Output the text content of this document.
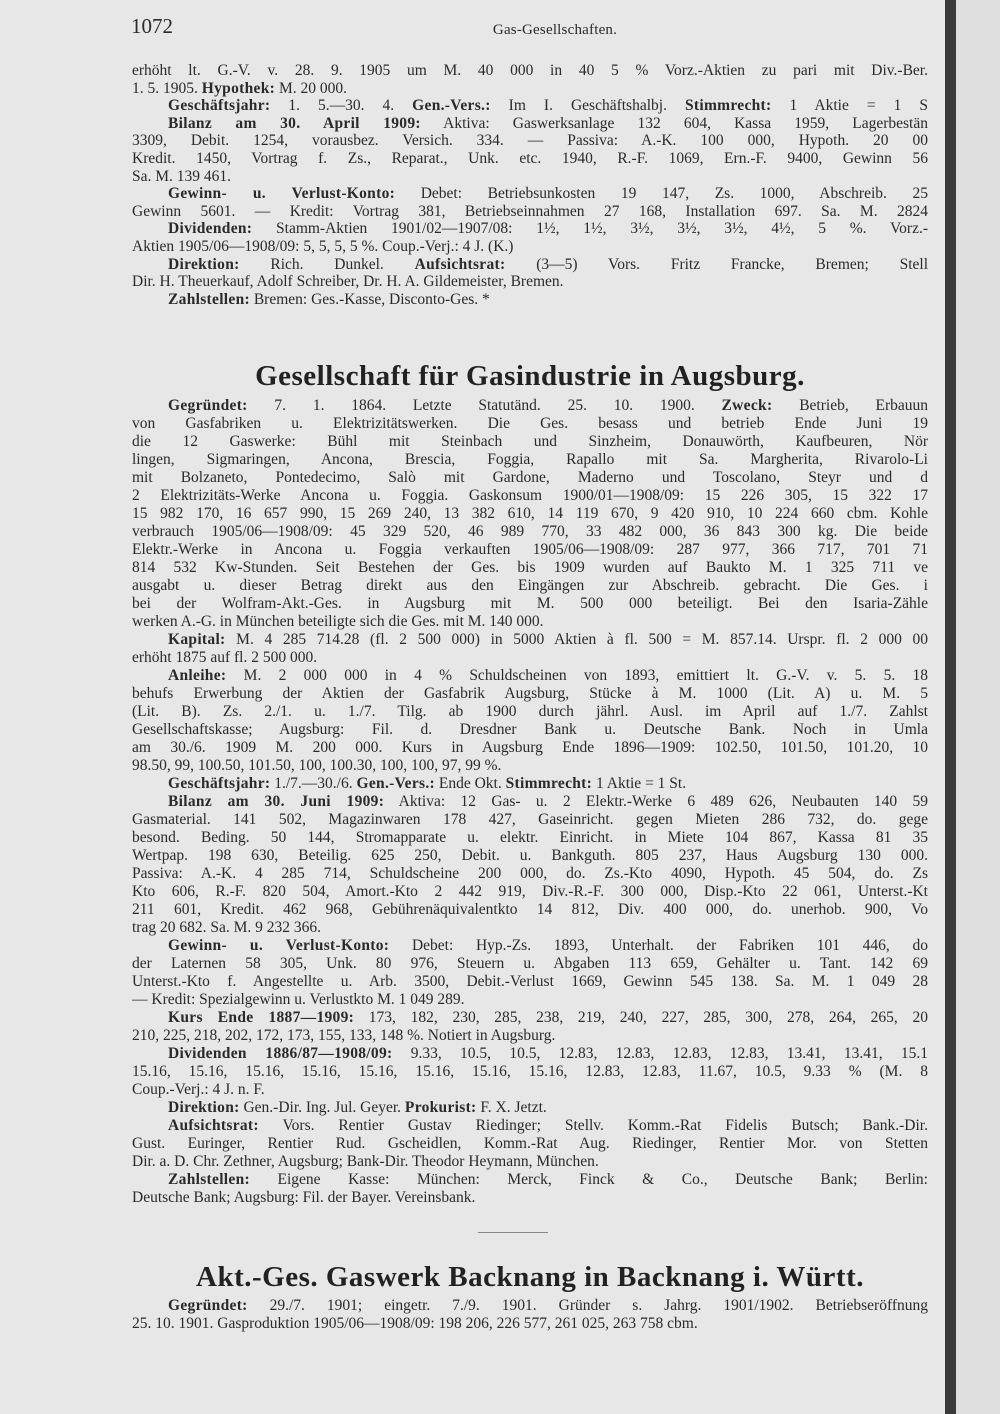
1072	Gas-Gesellschaften.
erhöht lt. G.-V. v. 28. 9. 1905 um M. 40 000 in 40 5 % Vorz.-Aktien zu pari mit Div.-Ber.
1. 5. 1905. Hypothek: M. 20 000.
Geschäftsjahr: 1. 5.—30. 4. Gen.-Vers.: Im I. Geschäftshalbj. Stimmrecht: 1 Aktie = 1 S
Bilanz am 30. April 1909: Aktiva: Gaswerksanlage 132 604, Kassa 1959, Lagerbestän
3309, Debit. 1254, vorausbez. Versich. 334. — Passiva: A.-K. 100 000, Hypoth. 20 00
Kredit. 1450, Vortrag f. Zs., Reparat., Unk. etc. 1940, R.-F. 1069, Ern.-F. 9400, Gewinn 56
Sa. M. 139 461.
Gewinn- u. Verlust-Konto: Debet: Betriebsunkosten 19 147, Zs. 1000, Abschreib. 25
Gewinn 5601. — Kredit: Vortrag 381, Betriebseinnahmen 27 168, Installation 697. Sa. M. 2824
Dividenden: Stamm-Aktien 1901/02—1907/08: 1½, 1½, 3½, 3½, 3½, 4½, 5 %. Vorz.-
Aktien 1905/06—1908/09: 5, 5, 5, 5 %. Coup.-Verj.: 4 J. (K.)
Direktion: Rich. Dunkel. Aufsichtsrat: (3—5) Vors. Fritz Francke, Bremen; Stell
Dir. H. Theuerkauf, Adolf Schreiber, Dr. H. A. Gildemeister, Bremen.
Zahlstellen: Bremen: Ges.-Kasse, Disconto-Ges. *
Gesellschaft für Gasindustrie in Augsburg.
Gegründet: 7. 1. 1864. Letzte Statutänd. 25. 10. 1900. Zweck: Betrieb, Erbauun
von Gasfabriken u. Elektrizitätswerken. Die Ges. besass und betrieb Ende Juni 19
die 12 Gaswerke: Bühl mit Steinbach und Sinzheim, Donauwörth, Kaufbeuren, Nör
lingen, Sigmaringen, Ancona, Brescia, Foggia, Rapallo mit Sa. Margherita, Rivarolo-Li
mit Bolzaneto, Pontedecimo, Salò mit Gardone, Maderno und Toscolano, Steyr und d
2 Elektrizitäts-Werke Ancona u. Foggia. Gaskonsum 1900/01—1908/09: 15 226 305, 15 322 17
15 982 170, 16 657 990, 15 269 240, 13 382 610, 14 119 670, 9 420 910, 10 224 660 cbm. Kohle
verbrauch 1905/06—1908/09: 45 329 520, 46 989 770, 33 482 000, 36 843 300 kg. Die beide
Elektr.-Werke in Ancona u. Foggia verkauften 1905/06—1908/09: 287 977, 366 717, 701 71
814 532 Kw-Stunden. Seit Bestehen der Ges. bis 1909 wurden auf Baukto M. 1 325 711 ve
ausgabt u. dieser Betrag direkt aus den Eingängen zur Abschreib. gebracht. Die Ges. i
bei der Wolfram-Akt.-Ges. in Augsburg mit M. 500 000 beteiligt. Bei den Isaria-Zähle
werken A.-G. in München beteiligte sich die Ges. mit M. 140 000.
Kapital: M. 4 285 714.28 (fl. 2 500 000) in 5000 Aktien à fl. 500 = M. 857.14. Urspr. fl. 2 000 00
erhöht 1875 auf fl. 2 500 000.
Anleihe: M. 2 000 000 in 4 % Schuldscheinen von 1893, emittiert lt. G.-V. v. 5. 5. 18
behufs Erwerbung der Aktien der Gasfabrik Augsburg, Stücke à M. 1000 (Lit. A) u. M. 5
(Lit. B). Zs. 2./1. u. 1./7. Tilg. ab 1900 durch jährl. Ausl. im April auf 1./7. Zahlst
Gesellschaftskasse; Augsburg: Fil. d. Dresdner Bank u. Deutsche Bank. Noch in Umla
am 30./6. 1909 M. 200 000. Kurs in Augsburg Ende 1896—1909: 102.50, 101.50, 101.20, 10
98.50, 99, 100.50, 101.50, 100, 100.30, 100, 100, 97, 99 %.
Geschäftsjahr: 1./7.—30./6. Gen.-Vers.: Ende Okt. Stimmrecht: 1 Aktie = 1 St.
Bilanz am 30. Juni 1909: Aktiva: 12 Gas- u. 2 Elektr.-Werke 6 489 626, Neubauten 140 59
Gasmaterial. 141 502, Magazinwaren 178 427, Gaseinricht. gegen Mieten 286 732, do. gege
besond. Beding. 50 144, Stromapparate u. elektr. Einricht. in Miete 104 867, Kassa 81 35
Wertpap. 198 630, Beteilig. 625 250, Debit. u. Bankguth. 805 237, Haus Augsburg 130 000.
Passiva: A.-K. 4 285 714, Schuldscheine 200 000, do. Zs.-Kto 4090, Hypoth. 45 504, do. Zs
Kto 606, R.-F. 820 504, Amort.-Kto 2 442 919, Div.-R.-F. 300 000, Disp.-Kto 22 061, Unterst.-Kt
211 601, Kredit. 462 968, Gebührenäquivalentkto 14 812, Div. 400 000, do. unerhob. 900, Vo
trag 20 682. Sa. M. 9 232 366.
Gewinn- u. Verlust-Konto: Debet: Hyp.-Zs. 1893, Unterhalt. der Fabriken 101 446, do
der Laternen 58 305, Unk. 80 976, Steuern u. Abgaben 113 659, Gehälter u. Tant. 142 69
Unterst.-Kto f. Angestellte u. Arb. 3500, Debit.-Verlust 1669, Gewinn 545 138. Sa. M. 1 049 28
— Kredit: Spezialgewinn u. Verlustkto M. 1 049 289.
Kurs Ende 1887—1909: 173, 182, 230, 285, 238, 219, 240, 227, 285, 300, 278, 264, 265, 20
210, 225, 218, 202, 172, 173, 155, 133, 148 %. Notiert in Augsburg.
Dividenden 1886/87—1908/09: 9.33, 10.5, 10.5, 12.83, 12.83, 12.83, 12.83, 13.41, 13.41, 15.1
15.16, 15.16, 15.16, 15.16, 15.16, 15.16, 15.16, 15.16, 12.83, 12.83, 11.67, 10.5, 9.33 % (M. 8
Coup.-Verj.: 4 J. n. F.
Direktion: Gen.-Dir. Ing. Jul. Geyer. Prokurist: F. X. Jetzt.
Aufsichtsrat: Vors. Rentier Gustav Riedinger; Stellv. Komm.-Rat Fidelis Butsch; Bank.-Dir.
Gust. Euringer, Rentier Rud. Gscheidlen, Komm.-Rat Aug. Riedinger, Rentier Mor. von Stetten
Dir. a. D. Chr. Zethner, Augsburg; Bank-Dir. Theodor Heymann, München.
Zahlstellen: Eigene Kasse: München: Merck, Finck & Co., Deutsche Bank; Berlin:
Deutsche Bank; Augsburg: Fil. der Bayer. Vereinsbank.
Akt.-Ges. Gaswerk Backnang in Backnang i. Württ.
Gegründet: 29./7. 1901; eingetr. 7./9. 1901. Gründer s. Jahrg. 1901/1902. Betriebseröffnung
25. 10. 1901. Gasproduktion 1905/06—1908/09: 198 206, 226 577, 261 025, 263 758 cbm.
